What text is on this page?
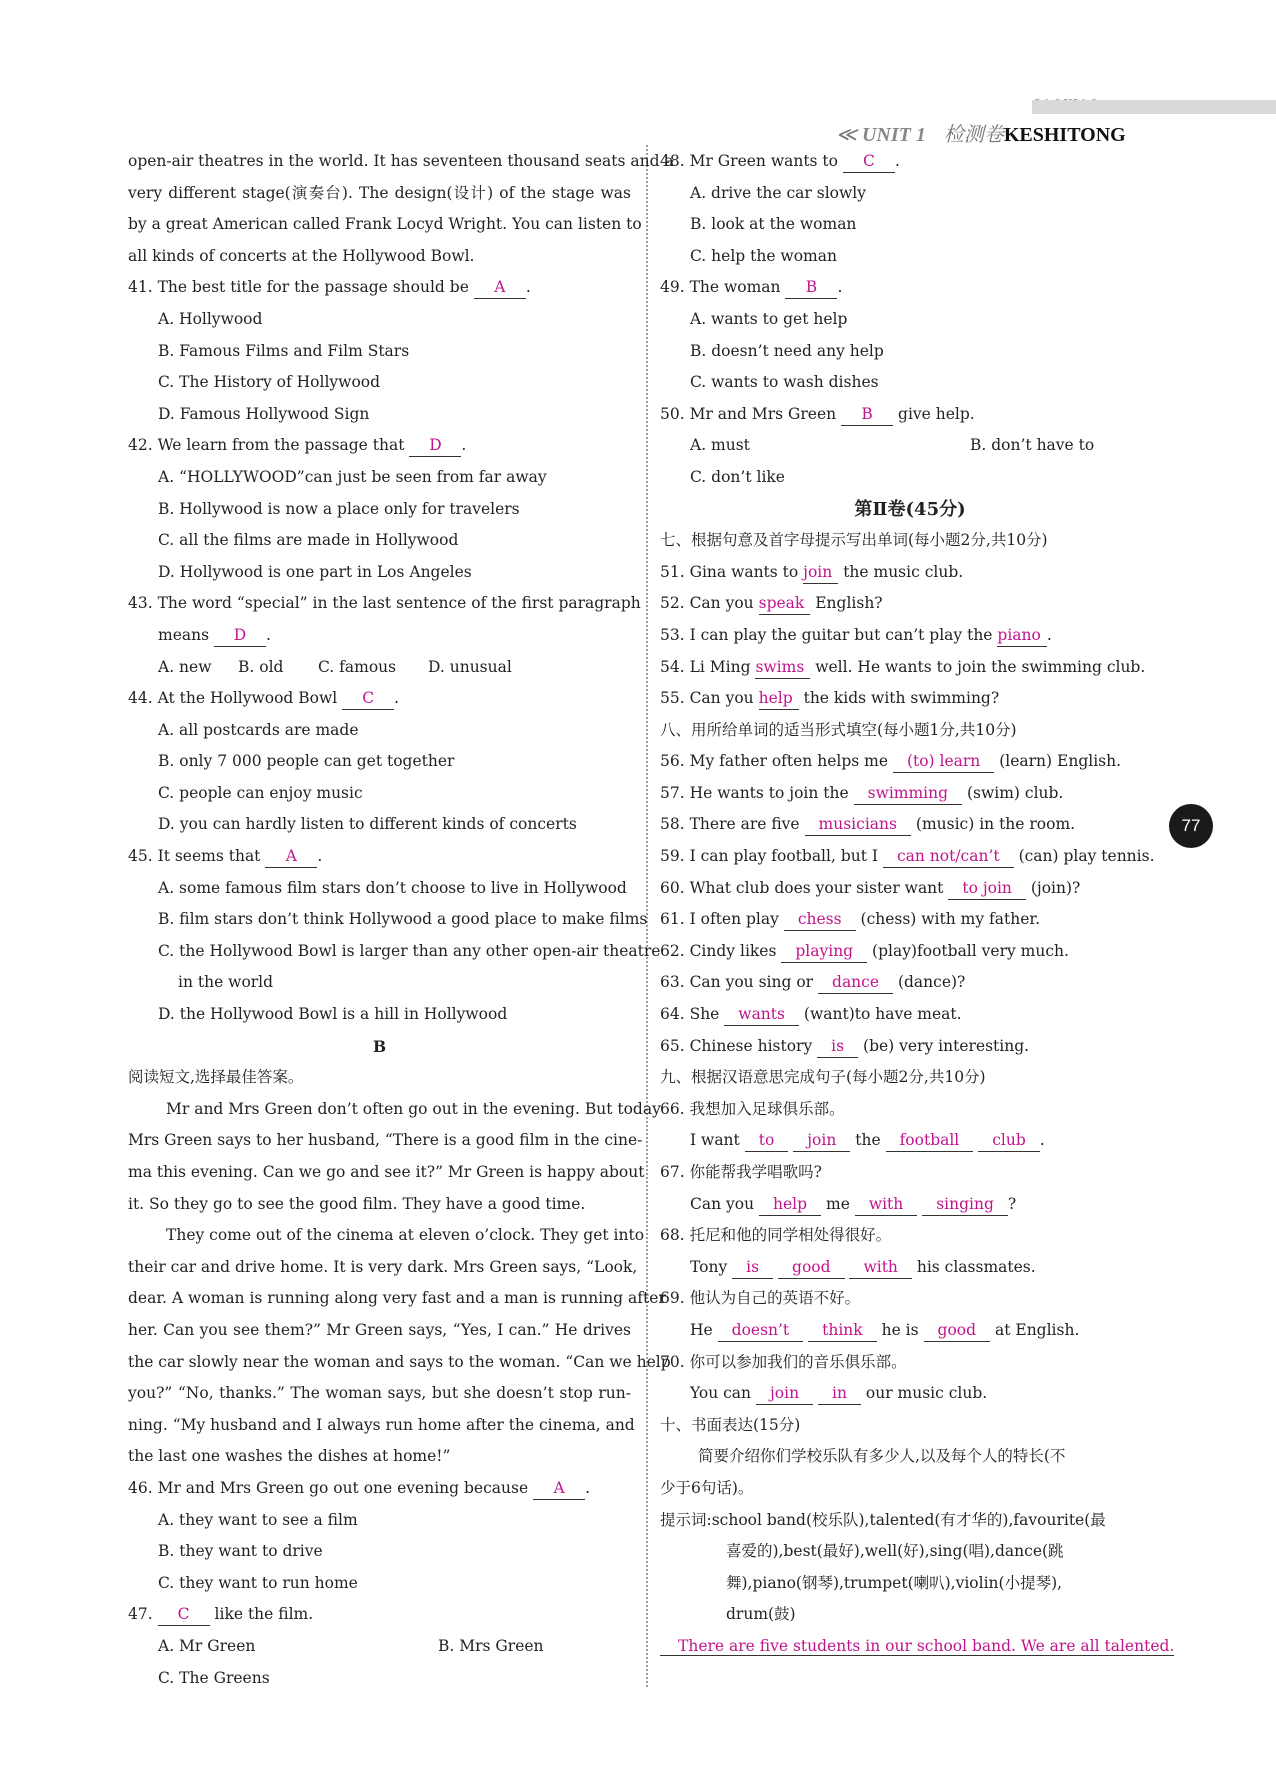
≪ UNIT 1 检测卷KESHITONG
77
open-air theatres in the world. It has seventeen thousand seats and a
very different stage(演奏台). The design(设计) of the stage was
by a great American called Frank Locyd Wright. You can listen to
all kinds of concerts at the Hollywood Bowl.
41. The best title for the passage should be A .
A. Hollywood
B. Famous Films and Film Stars
C. The History of Hollywood
D. Famous Hollywood Sign
42. We learn from the passage that D .
A. “HOLLYWOOD”can just be seen from far away
B. Hollywood is now a place only for travelers
C. all the films are made in Hollywood
D. Hollywood is one part in Los Angeles
43. The word “special” in the last sentence of the first paragraph
means D .
A. new B. old C. famous D. unusual
44. At the Hollywood Bowl C .
A. all postcards are made
B. only 7 000 people can get together
C. people can enjoy music
D. you can hardly listen to different kinds of concerts
45. It seems that A .
A. some famous film stars don’t choose to live in Hollywood
B. film stars don’t think Hollywood a good place to make films
C. the Hollywood Bowl is larger than any other open-air theatre
in the world
D. the Hollywood Bowl is a hill in Hollywood
B
阅读短文,选择最佳答案。
Mr and Mrs Green don’t often go out in the evening. But today
Mrs Green says to her husband, “There is a good film in the cine-
ma this evening. Can we go and see it?” Mr Green is happy about
it. So they go to see the good film. They have a good time.
They come out of the cinema at eleven o’clock. They get into
their car and drive home. It is very dark. Mrs Green says, “Look,
dear. A woman is running along very fast and a man is running after
her. Can you see them?” Mr Green says, “Yes, I can.” He drives
the car slowly near the woman and says to the woman. “Can we help
you?” “No, thanks.” The woman says, but she doesn’t stop run-
ning. “My husband and I always run home after the cinema, and
the last one washes the dishes at home!”
46. Mr and Mrs Green go out one evening because A .
A. they want to see a film
B. they want to drive
C. they want to run home
47. C like the film.
A. Mr Green	B. Mrs Green
C. The Greens
48. Mr Green wants to C .
A. drive the car slowly
B. look at the woman
C. help the woman
49. The woman B .
A. wants to get help
B. doesn’t need any help
C. wants to wash dishes
50. Mr and Mrs Green B give help.
A. must	B. don’t have to
C. don’t like
第Ⅱ卷(45分)
七、根据句意及首字母提示写出单词(每小题2分,共10分)
51. Gina wants to join the music club.
52. Can you speak English?
53. I can play the guitar but can’t play the piano .
54. Li Ming swims well. He wants to join the swimming club.
55. Can you help the kids with swimming?
八、用所给单词的适当形式填空(每小题1分,共10分)
56. My father often helps me (to) learn (learn) English.
57. He wants to join the swimming (swim) club.
58. There are five musicians (music) in the room.
59. I can play football, but I can not/can’t (can) play tennis.
60. What club does your sister want to join (join)?
61. I often play chess (chess) with my father.
62. Cindy likes playing (play)football very much.
63. Can you sing or dance (dance)?
64. She wants (want)to have meat.
65. Chinese history is (be) very interesting.
九、根据汉语意思完成句子(每小题2分,共10分)
66. 我想加入足球俱乐部。
I want to join the football club .
67. 你能帮我学唱歌吗?
Can you help me with singing ?
68. 托尼和他的同学相处得很好。
Tony is good with his classmates.
69. 他认为自己的英语不好。
He doesn’t think he is good at English.
70. 你可以参加我们的音乐俱乐部。
You can join in our music club.
十、书面表达(15分)
简要介绍你们学校乐队有多少人,以及每个人的特长(不
少于6句话)。
提示词:school band(校乐队),talented(有才华的),favourite(最
喜爱的),best(最好),well(好),sing(唱),dance(跳
舞),piano(钢琴),trumpet(喇叭),violin(小提琴),
drum(鼓)
There are five students in our school band. We are all talented.
